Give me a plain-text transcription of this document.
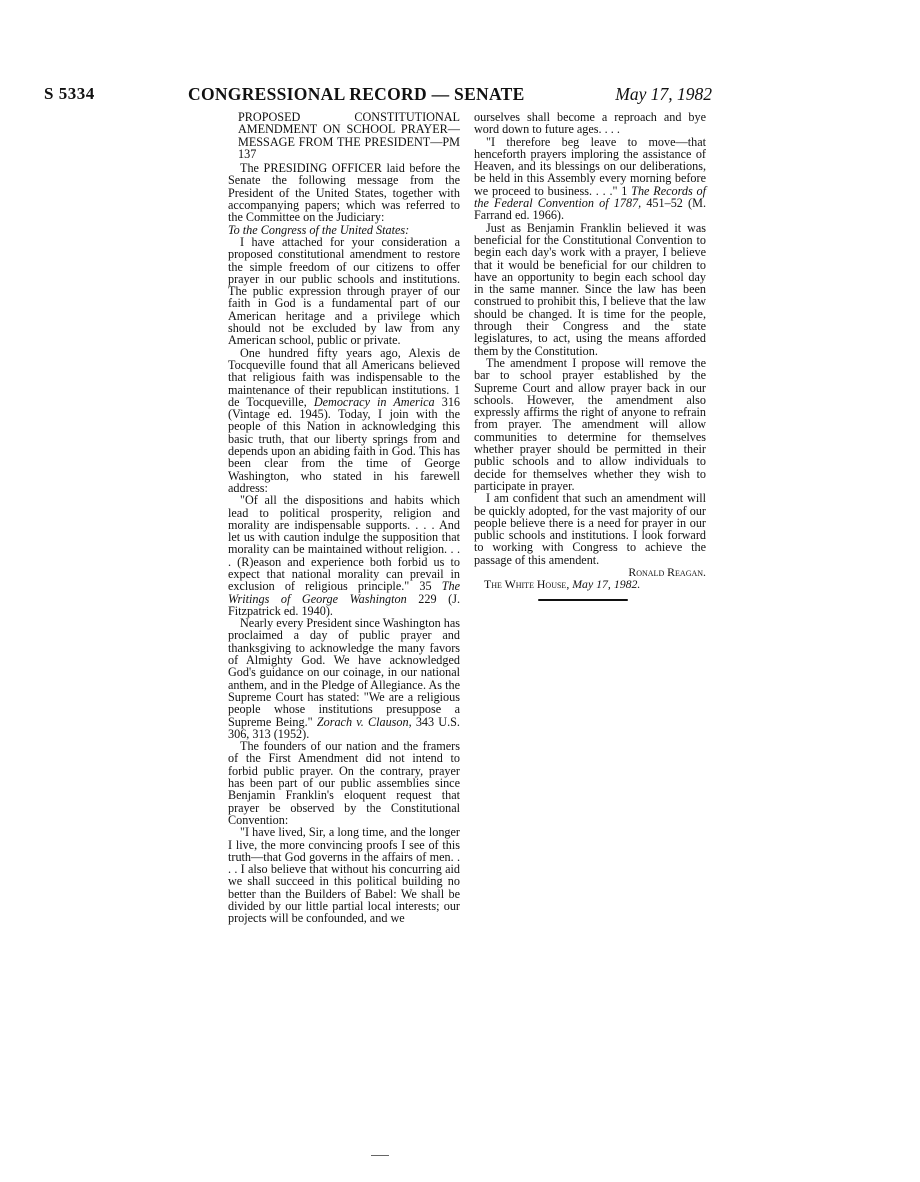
S 5334	CONGRESSIONAL RECORD — SENATE	May 17, 1982
PROPOSED CONSTITUTIONAL AMENDMENT ON SCHOOL PRAYER—MESSAGE FROM THE PRESIDENT—PM 137

The PRESIDING OFFICER laid before the Senate the following message from the President of the United States, together with accompanying papers; which was referred to the Committee on the Judiciary:

To the Congress of the United States:

I have attached for your consideration a proposed constitutional amendment to restore the simple freedom of our citizens to offer prayer in our public schools and institutions. The public expression through prayer of our faith in God is a fundamental part of our American heritage and a privilege which should not be excluded by law from any American school, public or private.

One hundred fifty years ago, Alexis de Tocqueville found that all Americans believed that religious faith was indispensable to the maintenance of their republican institutions. 1 de Tocqueville, Democracy in America 316 (Vintage ed. 1945). Today, I join with the people of this Nation in acknowledging this basic truth, that our liberty springs from and depends upon an abiding faith in God. This has been clear from the time of George Washington, who stated in his farewell address:

"Of all the dispositions and habits which lead to political prosperity, religion and morality are indispensable supports. . . . And let us with caution indulge the supposition that morality can be maintained without religion. . . . (R)eason and experience both forbid us to expect that national morality can prevail in exclusion of religious principle." 35 The Writings of George Washington 229 (J. Fitzpatrick ed. 1940).

Nearly every President since Washington has proclaimed a day of public prayer and thanksgiving to acknowledge the many favors of Almighty God. We have acknowledged God's guidance on our coinage, in our national anthem, and in the Pledge of Allegiance. As the Supreme Court has stated: "We are a religious people whose institutions presuppose a Supreme Being." Zorach v. Clauson, 343 U.S. 306, 313 (1952).

The founders of our nation and the framers of the First Amendment did not intend to forbid public prayer. On the contrary, prayer has been part of our public assemblies since Benjamin Franklin's eloquent request that prayer be observed by the Constitutional Convention:

"I have lived, Sir, a long time, and the longer I live, the more convincing proofs I see of this truth—that God governs in the affairs of men. . . . I also believe that without his concurring aid we shall succeed in this political building no better than the Builders of Babel: We shall be divided by our little partial local interests; our projects will be confounded, and we

ourselves shall become a reproach and bye word down to future ages. . . .

"I therefore beg leave to move—that henceforth prayers imploring the assistance of Heaven, and its blessings on our deliberations, be held in this Assembly every morning before we proceed to business. . . ." 1 The Records of the Federal Convention of 1787, 451–52 (M. Farrand ed. 1966).

Just as Benjamin Franklin believed it was beneficial for the Constitutional Convention to begin each day's work with a prayer, I believe that it would be beneficial for our children to have an opportunity to begin each school day in the same manner. Since the law has been construed to prohibit this, I believe that the law should be changed. It is time for the people, through their Congress and the state legislatures, to act, using the means afforded them by the Constitution.

The amendment I propose will remove the bar to school prayer established by the Supreme Court and allow prayer back in our schools. However, the amendment also expressly affirms the right of anyone to refrain from prayer. The amendment will allow communities to determine for themselves whether prayer should be permitted in their public schools and to allow individuals to decide for themselves whether they wish to participate in prayer.

I am confident that such an amendment will be quickly adopted, for the vast majority of our people believe there is a need for prayer in our public schools and institutions. I look forward to working with Congress to achieve the passage of this amendent.

Ronald Reagan.

The White House, May 17, 1982.
